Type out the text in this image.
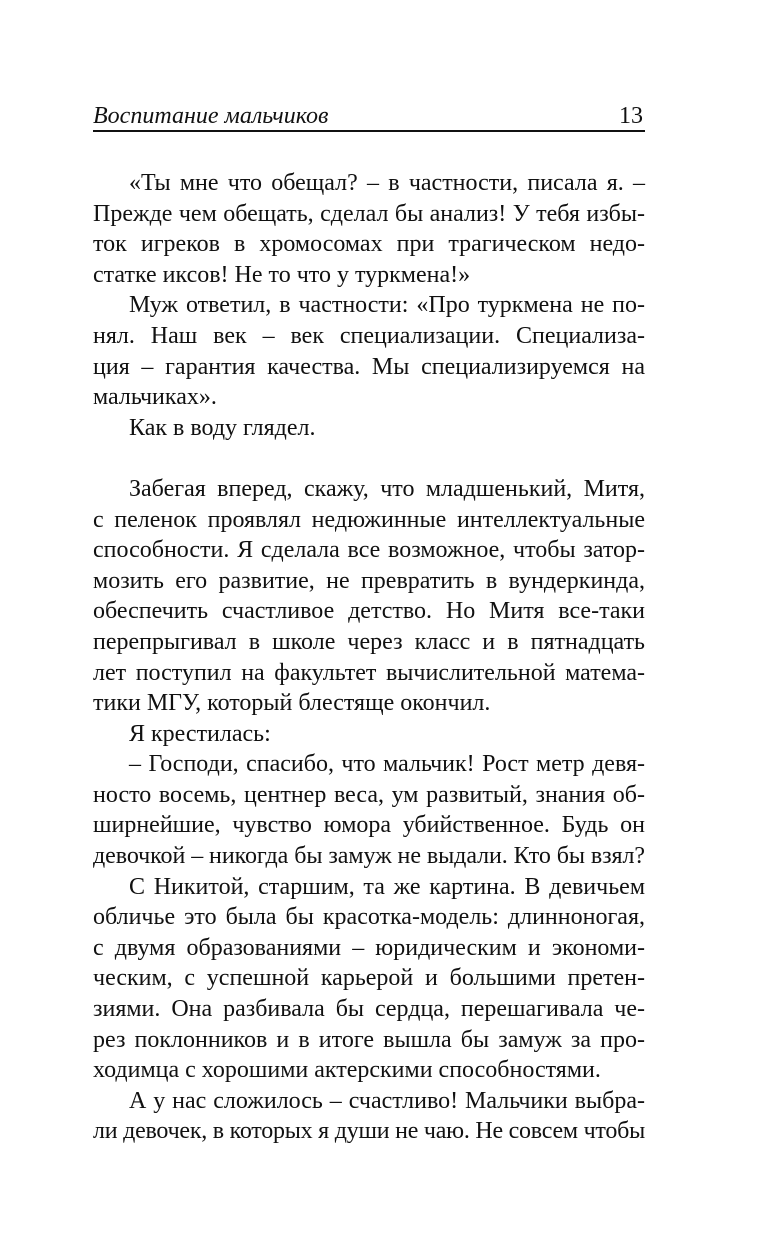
Воспитание мальчиков	13
«Ты мне что обещал? – в частности, писала я. –
Прежде чем обещать, сделал бы анализ! У тебя избы-
ток игреков в хромосомах при трагическом недо-
статке иксов! Не то что у туркмена!»
Муж ответил, в частности: «Про туркмена не по-
нял. Наш век – век специализации. Специализа-
ция – гарантия качества. Мы специализируемся на
мальчиках».
Как в воду глядел.
Забегая вперед, скажу, что младшенький, Митя,
с пеленок проявлял недюжинные интеллектуальные
способности. Я сделала все возможное, чтобы затор-
мозить его развитие, не превратить в вундеркинда,
обеспечить счастливое детство. Но Митя все-таки
перепрыгивал в школе через класс и в пятнадцать
лет поступил на факультет вычислительной матема-
тики МГУ, который блестяще окончил.
Я крестилась:
– Господи, спасибо, что мальчик! Рост метр девя-
носто восемь, центнер веса, ум развитый, знания об-
ширнейшие, чувство юмора убийственное. Будь он
девочкой – никогда бы замуж не выдали. Кто бы взял?
С Никитой, старшим, та же картина. В девичьем
обличье это была бы красотка-модель: длинноногая,
с двумя образованиями – юридическим и экономи-
ческим, с успешной карьерой и большими претен-
зиями. Она разбивала бы сердца, перешагивала че-
рез поклонников и в итоге вышла бы замуж за про-
ходимца с хорошими актерскими способностями.
А у нас сложилось – счастливо! Мальчики выбра-
ли девочек, в которых я души не чаю. Не совсем чтобы
